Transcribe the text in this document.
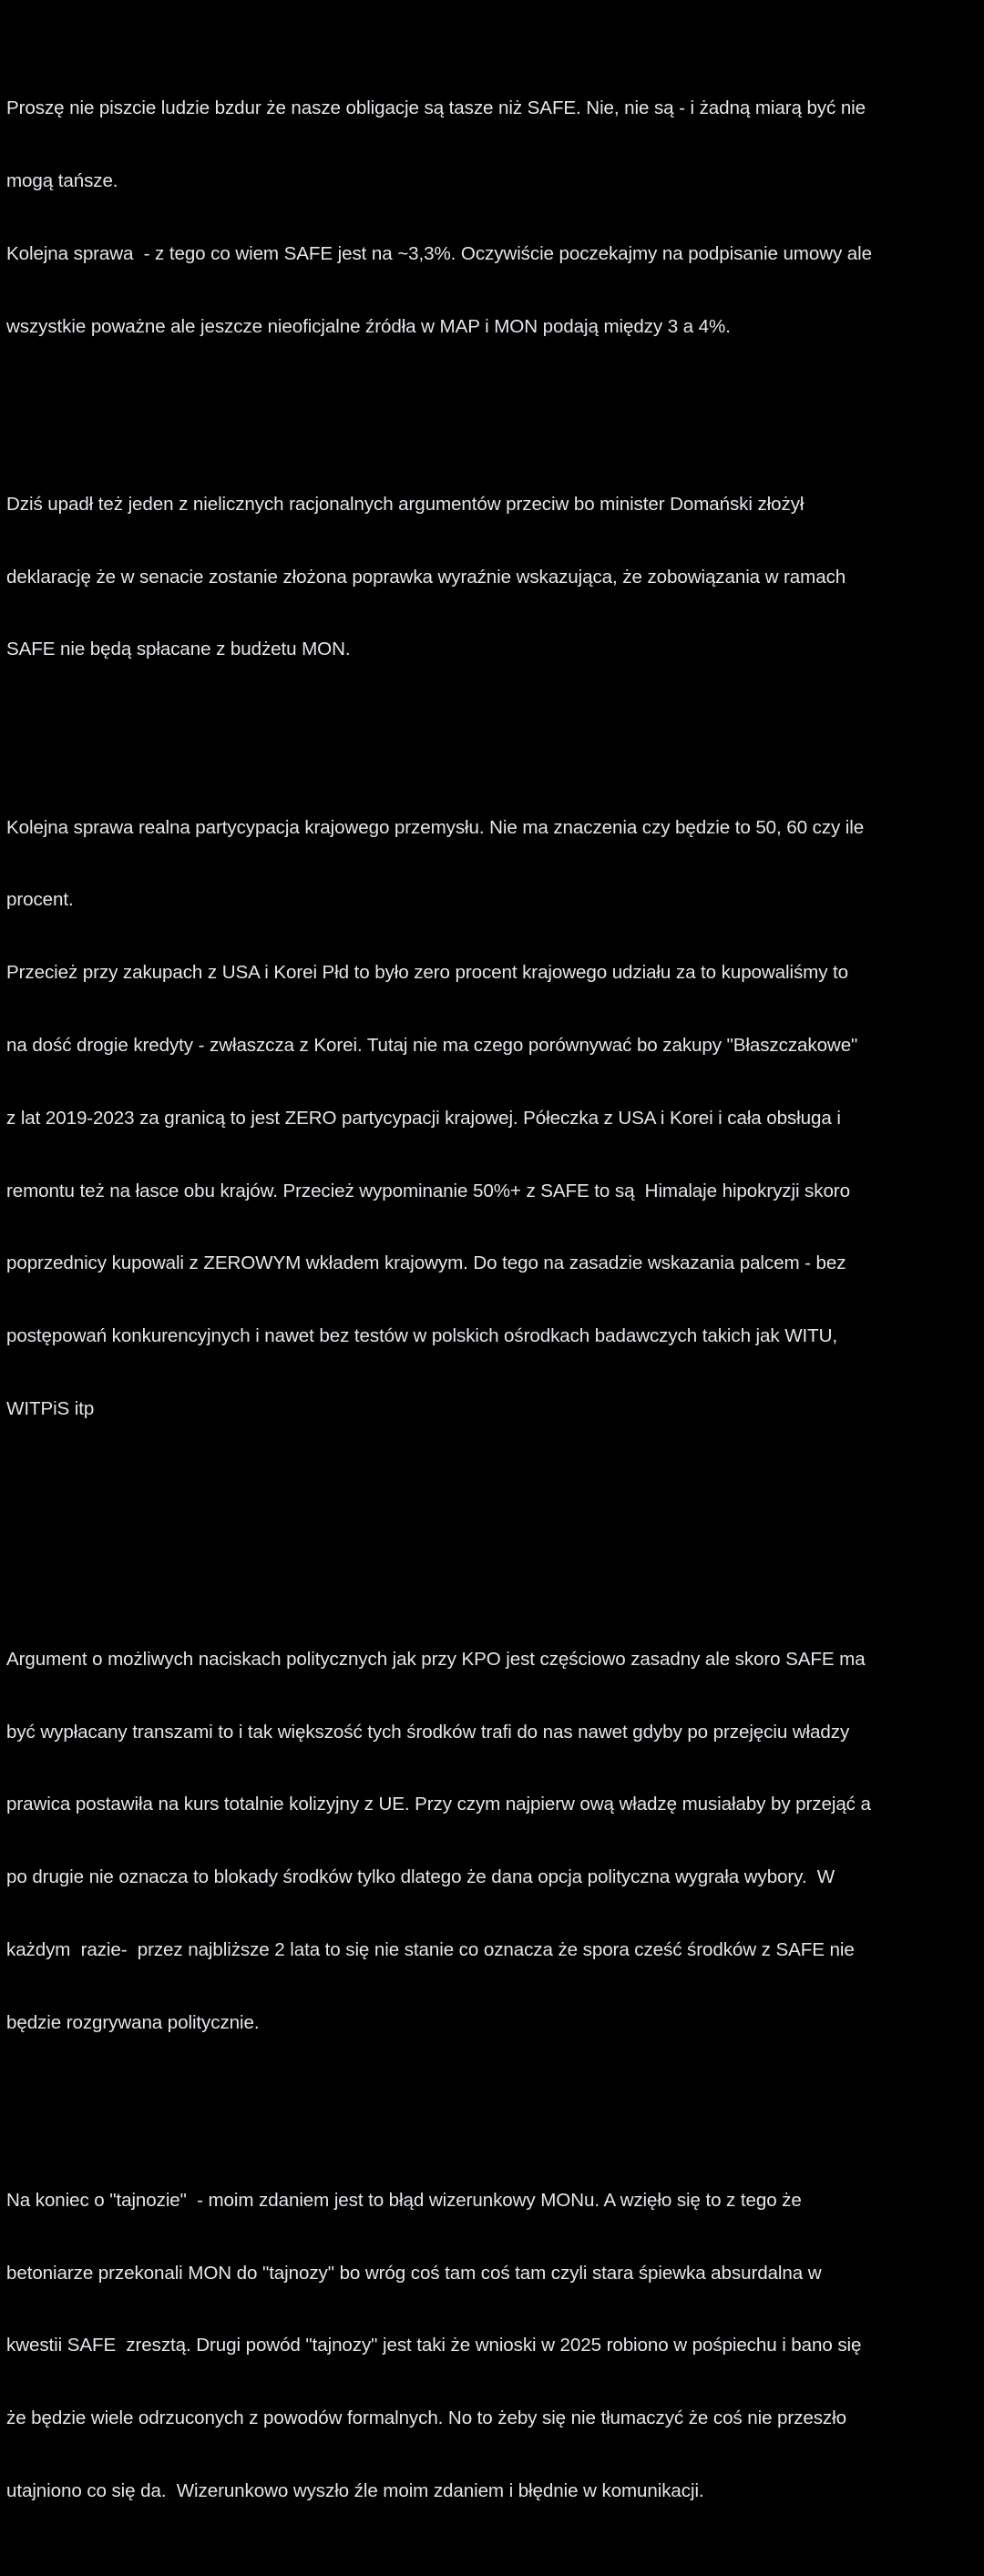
Proszę nie piszcie ludzie bzdur że nasze obligacje są tasze niż SAFE. Nie, nie są - i żadną miarą być nie

mogą tańsze.

Kolejna sprawa  - z tego co wiem SAFE jest na ~3,3%. Oczywiście poczekajmy na podpisanie umowy ale

wszystkie poważne ale jeszcze nieoficjalne źródła w MAP i MON podają między 3 a 4%.

Dziś upadł też jeden z nielicznych racjonalnych argumentów przeciw bo minister Domański złożył

deklarację że w senacie zostanie złożona poprawka wyraźnie wskazująca, że zobowiązania w ramach

SAFE nie będą spłacane z budżetu MON.

Kolejna sprawa realna partycypacja krajowego przemysłu. Nie ma znaczenia czy będzie to 50, 60 czy ile

procent.

Przecież przy zakupach z USA i Korei Płd to było zero procent krajowego udziału za to kupowaliśmy to

na dość drogie kredyty - zwłaszcza z Korei. Tutaj nie ma czego porównywać bo zakupy "Błaszczakowe"

z lat 2019-2023 za granicą to jest ZERO partycypacji krajowej. Półeczka z USA i Korei i cała obsługa i

remontu też na łasce obu krajów. Przecież wypominanie 50%+ z SAFE to są  Himalaje hipokryzji skoro

poprzednicy kupowali z ZEROWYM wkładem krajowym. Do tego na zasadzie wskazania palcem - bez

postępowań konkurencyjnych i nawet bez testów w polskich ośrodkach badawczych takich jak WITU,

WITPiS itp

Argument o możliwych naciskach politycznych jak przy KPO jest częściowo zasadny ale skoro SAFE ma

być wypłacany transzami to i tak większość tych środków trafi do nas nawet gdyby po przejęciu władzy

prawica postawiła na kurs totalnie kolizyjny z UE. Przy czym najpierw ową władzę musiałaby by przejąć a

po drugie nie oznacza to blokady środków tylko dlatego że dana opcja polityczna wygrała wybory.  W

każdym  razie-  przez najbliższe 2 lata to się nie stanie co oznacza że spora cześć środków z SAFE nie

będzie rozgrywana politycznie.

Na koniec o "tajnozie"  - moim zdaniem jest to błąd wizerunkowy MONu. A wzięło się to z tego że

betoniarze przekonali MON do "tajnozy" bo wróg coś tam coś tam czyli stara śpiewka absurdalna w

kwestii SAFE  zresztą. Drugi powód "tajnozy" jest taki że wnioski w 2025 robiono w pośpiechu i bano się

że będzie wiele odrzuconych z powodów formalnych. No to żeby się nie tłumaczyć że coś nie przeszło

utajniono co się da.  Wizerunkowo wyszło źle moim zdaniem i błędnie w komunikacji.
